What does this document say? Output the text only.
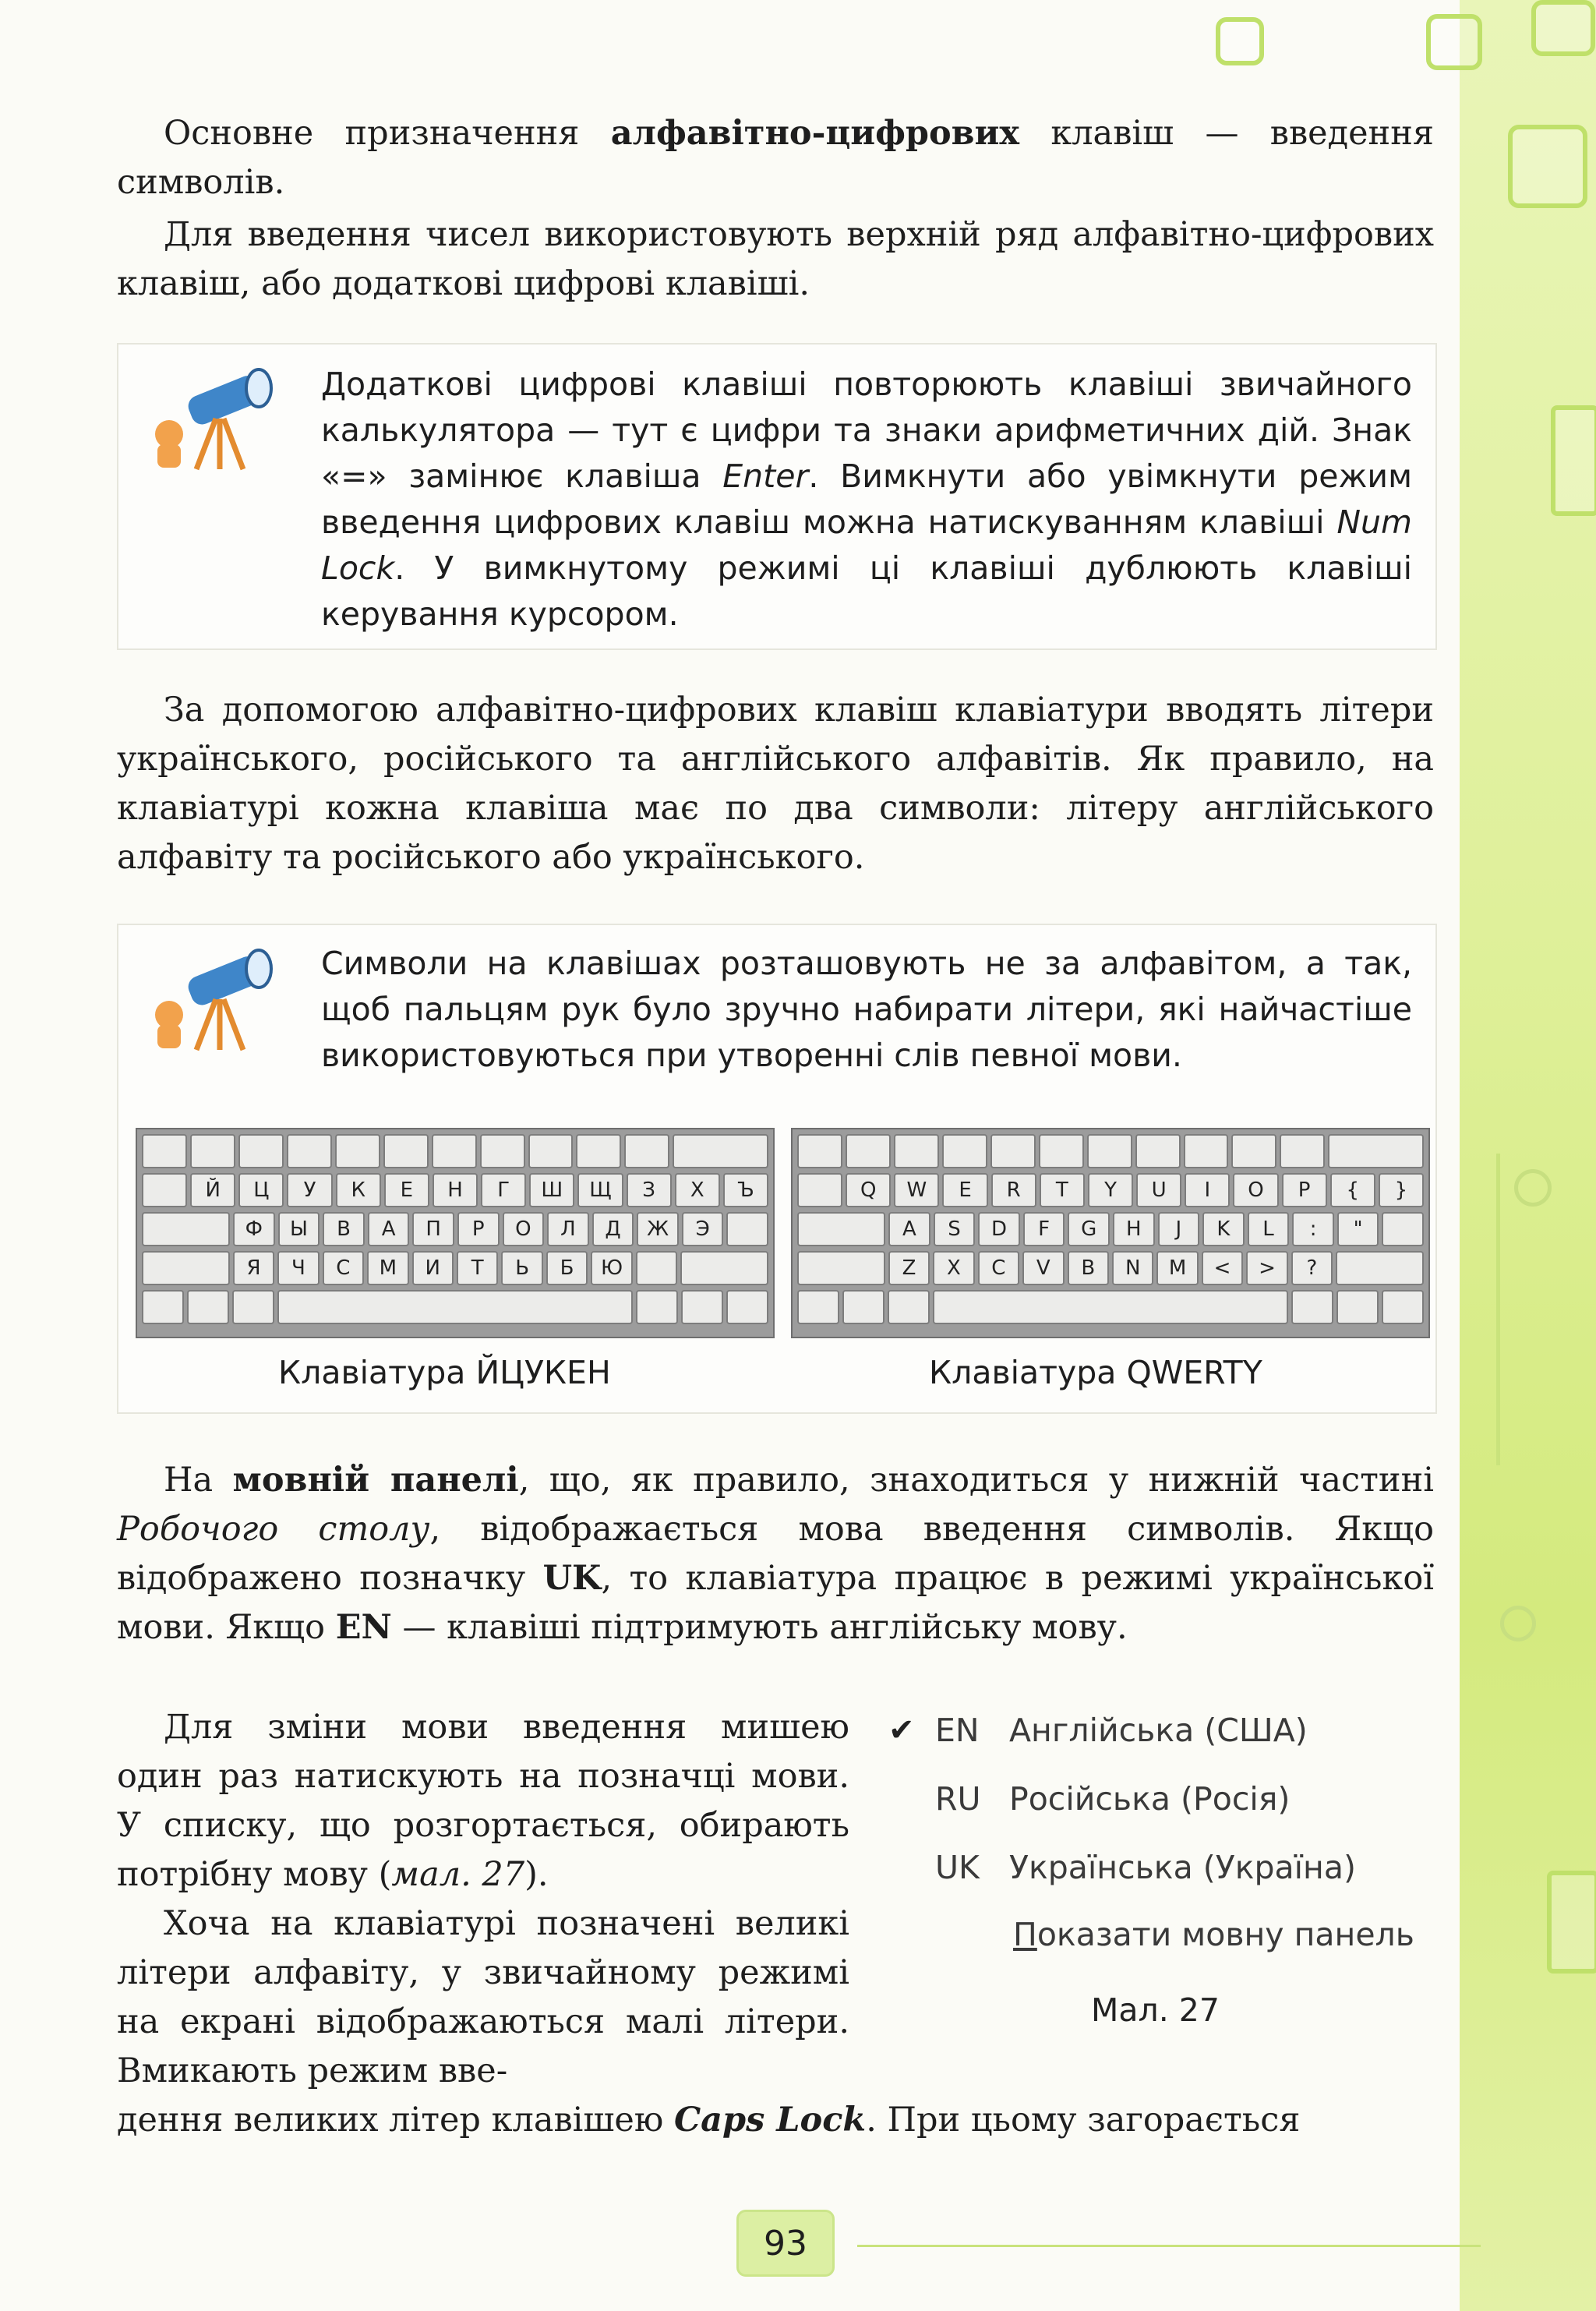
Основне призначення алфавітно-цифрових клавіш — введення символів.

Для введення чисел використовують верхній ряд алфавітно-цифрових клавіш, або додаткові цифрові клавіші.

Додаткові цифрові клавіші повторюють клавіші звичайного калькулятора — тут є цифри та знаки арифметичних дій. Знак «=» замінює клавіша Enter. Вимкнути або увімкнути режим введення цифрових клавіш можна натискуванням клавіші Num Lock. У вимкнутому режимі ці клавіші дублюють клавіші керування курсором.

За допомогою алфавітно-цифрових клавіш клавіатури вводять літери українського, російського та англійського алфавітів. Як правило, на клавіатурі кожна клавіша має по два символи: літеру англійського алфавіту та російського або українського.

Символи на клавішах розташовують не за алфавітом, а так, щоб пальцям рук було зручно набирати літери, які найчастіше використовуються при утворенні слів певної мови.

Й	Ц	У	К	Е	Н	Г	Ш	Щ	З	Х	Ъ
Ф	Ы	В	А	П	Р	О	Л	Д	Ж	Э
Я	Ч	С	М	И	Т	Ь	Б	Ю
Q	W	E	R	T	Y	U	I	O	P	{	}
A	S	D	F	G	H	J	K	L	:	"
Z	X	C	V	B	N	M	<	>	?
Клавіатура ЙЦУКЕН	Клавіатура QWERTY

На мовній панелі, що, як правило, знаходиться у нижній частині Робочого столу, відображається мова введення символів. Якщо відображено позначку UK, то клавіатура працює в режимі української мови. Якщо EN — клавіші підтримують англійську мову.

Для зміни мови введення мишею один раз натискують на позначці мови. У списку, що розгортається, обирають потрібну мову (мал. 27).

Хоча на клавіатурі позначені великі літери алфавіту, у звичайному режимі на екрані відображаються малі літери. Вмикають режим вве-

дення великих літер клавішею Caps Lock. При цьому загорається

✔ EN Англійська (США)
RU Російська (Росія)
UK Українська (Україна)
Показати мовну панель
Мал. 27
93
